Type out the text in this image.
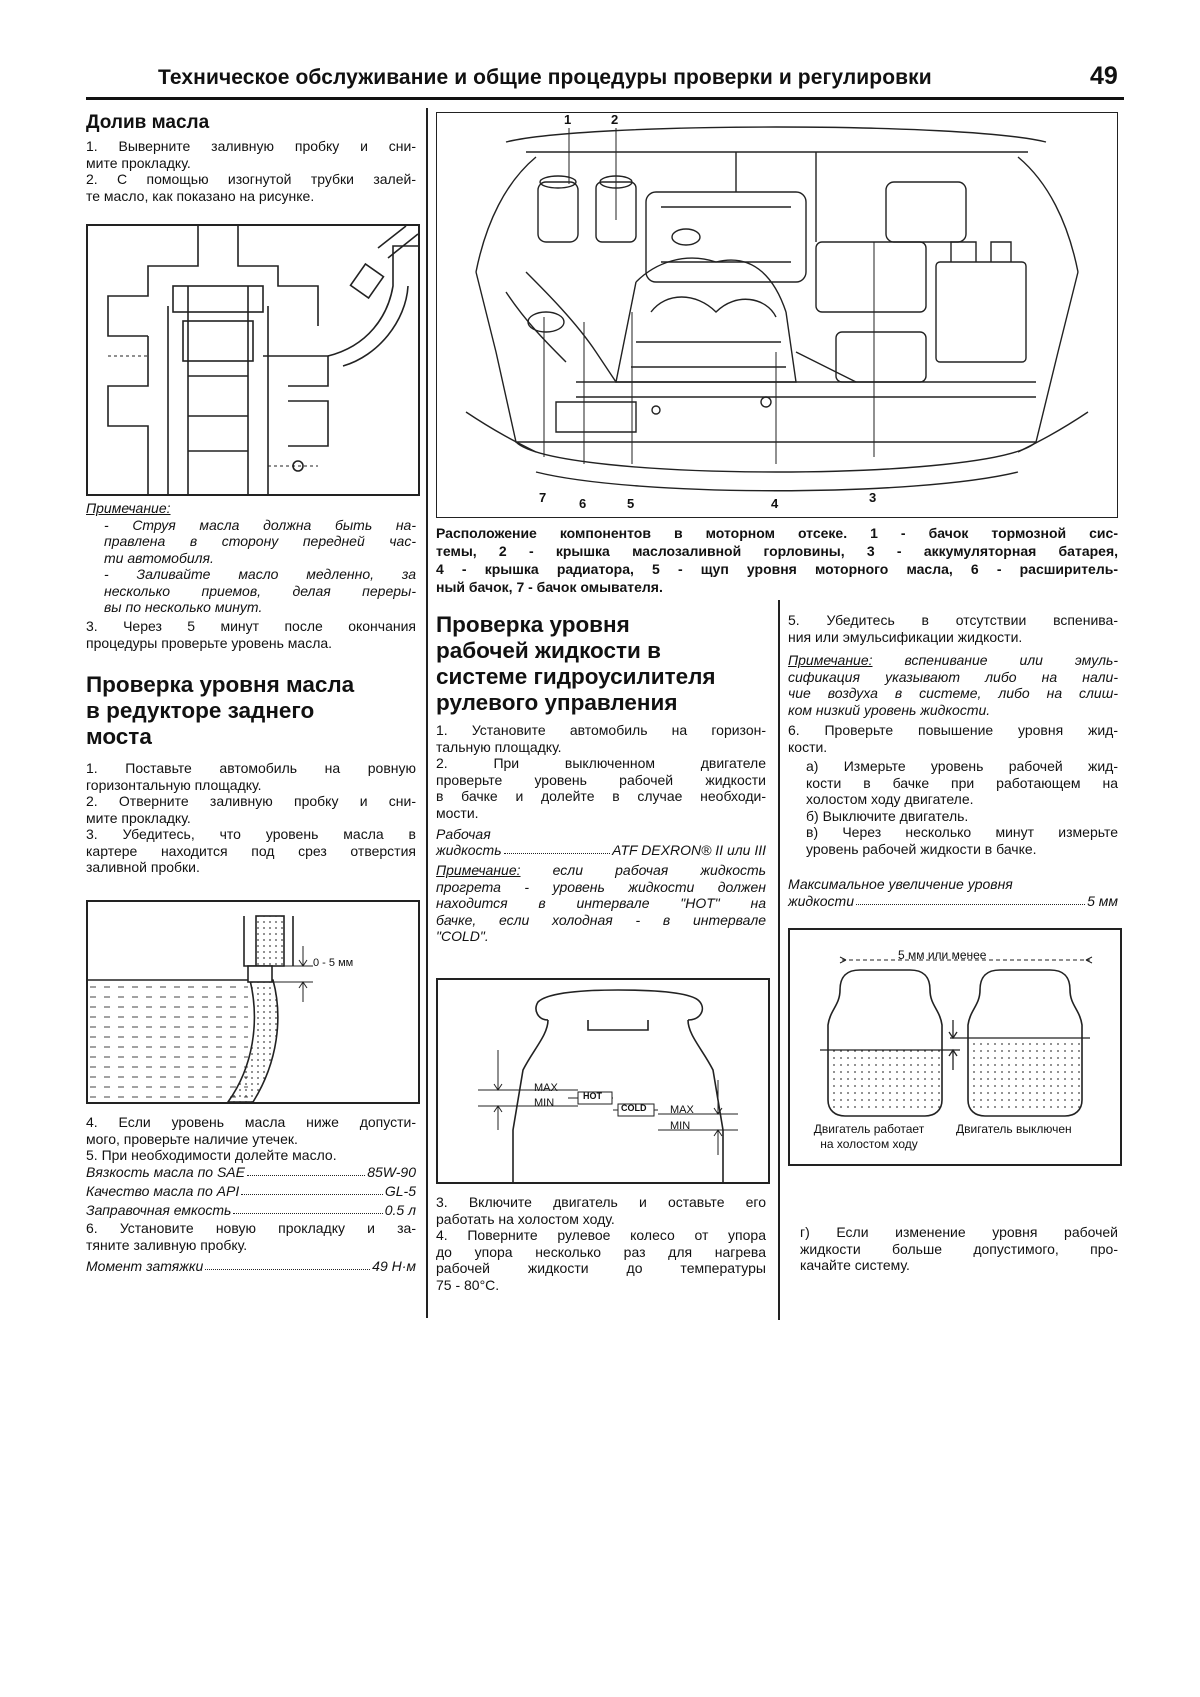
Техническое обслуживание и общие процедуры проверки и регулировки	49
Долив масла
1. Выверните заливную пробку и сни-
мите прокладку.
2. С помощью изогнутой трубки залей-
те масло, как показано на рисунке.
Примечание:
- Струя масла должна быть на-
правлена в сторону передней час-
ти автомобиля.
- Заливайте масло медленно, за
несколько приемов, делая переры-
вы по несколько минут.
3. Через 5 минут после окончания
процедуры проверьте уровень масла.
Проверка уровня масла
в редукторе заднего
моста
1. Поставьте автомобиль на ровную
горизонтальную площадку.
2. Отверните заливную пробку и сни-
мите прокладку.
3. Убедитесь, что уровень масла в
картере находится под срез отверстия
заливной пробки.
0 - 5 мм
4. Если уровень масла ниже допусти-
мого, проверьте наличие утечек.
5. При необходимости долейте масло.
Вязкость масла по SAE	85W-90
Качество масла по API	GL-5
Заправочная емкость	0.5 л
6. Установите новую прокладку и за-
тяните заливную пробку.
Момент затяжки	49 Н·м
1	2
7	6	5	4	3
Расположение компонентов в моторном отсеке. 1 - бачок тормозной сис-
темы, 2 - крышка маслозаливной горловины, 3 - аккумуляторная батарея,
4 - крышка радиатора, 5 - щуп уровня моторного масла, 6 - расширитель-
ный бачок, 7 - бачок омывателя.
Проверка уровня
рабочей жидкости в
системе гидроусилителя
рулевого управления
1. Установите автомобиль на горизон-
тальную площадку.
2. При выключенном двигателе
проверьте уровень рабочей жидкости
в бачке и долейте в случае необходи-
мости.
Рабочая
жидкость	ATF DEXRON® II или III
Примечание: если рабочая жидкость
прогрета - уровень жидкости должен
находится в интервале "HOT" на
бачке, если холодная - в интервале
"COLD".
MAX
MIN
HOT
COLD MAX
MIN
3. Включите двигатель и оставьте его
работать на холостом ходу.
4. Поверните рулевое колесо от упора
до упора несколько раз для нагрева
рабочей жидкости до температуры
75 - 80°С.
5. Убедитесь в отсутствии вспенива-
ния или эмульсификации жидкости.
Примечание: вспенивание или эмуль-
сификация указывают либо на нали-
чие воздуха в системе, либо на слиш-
ком низкий уровень жидкости.
6. Проверьте повышение уровня жид-
кости.
а) Измерьте уровень рабочей жид-
кости в бачке при работающем на
холостом ходу двигателе.
б) Выключите двигатель.
в) Через несколько минут измерьте
уровень рабочей жидкости в бачке.
Максимальное увеличение уровня
жидкости	5 мм
5 мм или менее
Двигатель работает
на холостом ходу
Двигатель выключен
г) Если изменение уровня рабочей
жидкости больше допустимого, про-
качайте систему.
